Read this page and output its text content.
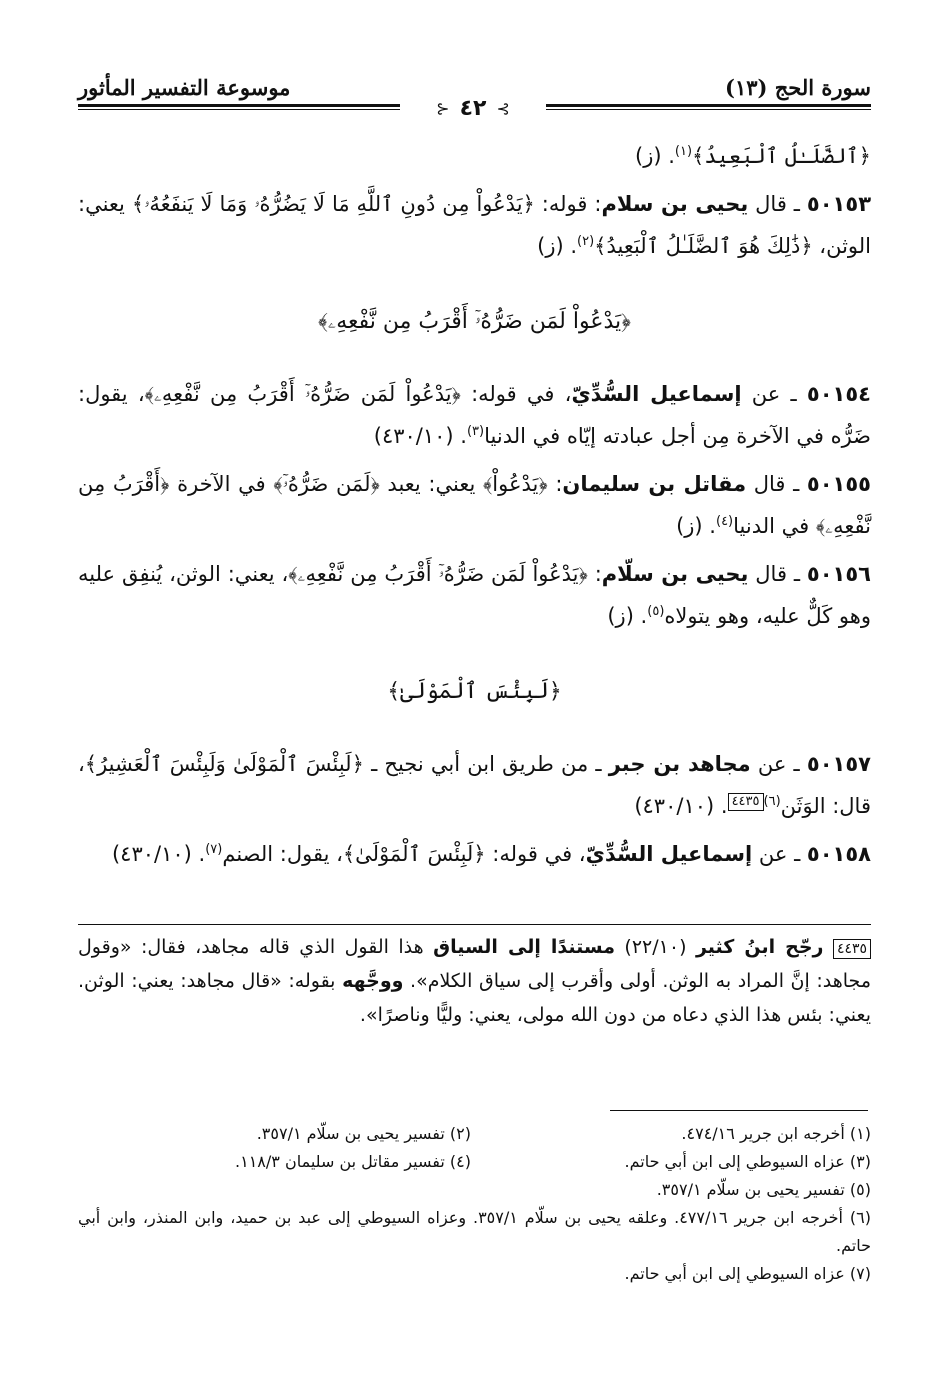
سورة الحج (١٣)
موسوعة التفسير المأثور
⊱
٤٢
⊰

﴿ٱلضَّلَـٰلُ ٱلْبَعِيدُ﴾$^{(١)}$. (ز)

٥٠١٥٣ ـ قال يحيى بن سلام: قوله: ﴿يَدْعُواْ مِن دُونِ ٱللَّهِ مَا لَا يَضُرُّهُۥ وَمَا لَا يَنفَعُهُۥ﴾ يعني: الوثن، ﴿ذَٰلِكَ هُوَ ٱلضَّلَـٰلُ ٱلْبَعِيدُ﴾$^{(٢)}$. (ز)

﴿يَدْعُواْ لَمَن ضَرُّهُۥٓ أَقْرَبُ مِن نَّفْعِهِۦ﴾

٥٠١٥٤ ـ عن إسماعيل السُّدِّيّ، في قوله: ﴿يَدْعُواْ لَمَن ضَرُّهُۥٓ أَقْرَبُ مِن نَّفْعِهِۦ﴾، يقول: ضَرُّه في الآخرة مِن أجل عبادته إيّاه في الدنيا$^{(٣)}$. (٤٣٠/١٠)

٥٠١٥٥ ـ قال مقاتل بن سليمان: ﴿يَدْعُواْ﴾ يعني: يعبد ﴿لَمَن ضَرُّهُۥٓ﴾ في الآخرة ﴿أَقْرَبُ مِن نَّفْعِهِۦ﴾ في الدنيا$^{(٤)}$. (ز)

٥٠١٥٦ ـ قال يحيى بن سلّام: ﴿يَدْعُواْ لَمَن ضَرُّهُۥٓ أَقْرَبُ مِن نَّفْعِهِۦ﴾، يعني: الوثن، يُنفِق عليه وهو كَلٌّ عليه، وهو يتولاه$^{(٥)}$. (ز)

﴿لَبِئْسَ ٱلْمَوْلَىٰ﴾

٥٠١٥٧ ـ عن مجاهد بن جبر ـ من طريق ابن أبي نجيح ـ ﴿لَبِئْسَ ٱلْمَوْلَىٰ وَلَبِئْسَ ٱلْعَشِيرُ﴾، قال: الوَثَن$^{(٦)}$٤٤٣٥. (٤٣٠/١٠)

٥٠١٥٨ ـ عن إسماعيل السُّدِّيّ، في قوله: ﴿لَبِئْسَ ٱلْمَوْلَىٰ﴾، يقول: الصنم$^{(٧)}$. (٤٣٠/١٠)

٤٤٣٥ رجّح ابنُ كثير (٢٢/١٠) مستندًا إلى السياق هذا القول الذي قاله مجاهد، فقال: «وقول مجاهد: إنَّ المراد به الوثن. أولى وأقرب إلى سياق الكلام». ووجَّهه بقوله: «قال مجاهد: يعني: الوثن. يعني: بئس هذا الذي دعاه من دون الله مولى، يعني: وليًّا وناصرًا».
(١) أخرجه ابن جرير ٤٧٤/١٦.
(٢) تفسير يحيى بن سلّام ٣٥٧/١.
(٣) عزاه السيوطي إلى ابن أبي حاتم.
(٤) تفسير مقاتل بن سليمان ١١٨/٣.
(٥) تفسير يحيى بن سلّام ٣٥٧/١.
(٦) أخرجه ابن جرير ٤٧٧/١٦. وعلقه يحيى بن سلّام ٣٥٧/١. وعزاه السيوطي إلى عبد بن حميد، وابن المنذر، وابن أبي حاتم.
(٧) عزاه السيوطي إلى ابن أبي حاتم.
